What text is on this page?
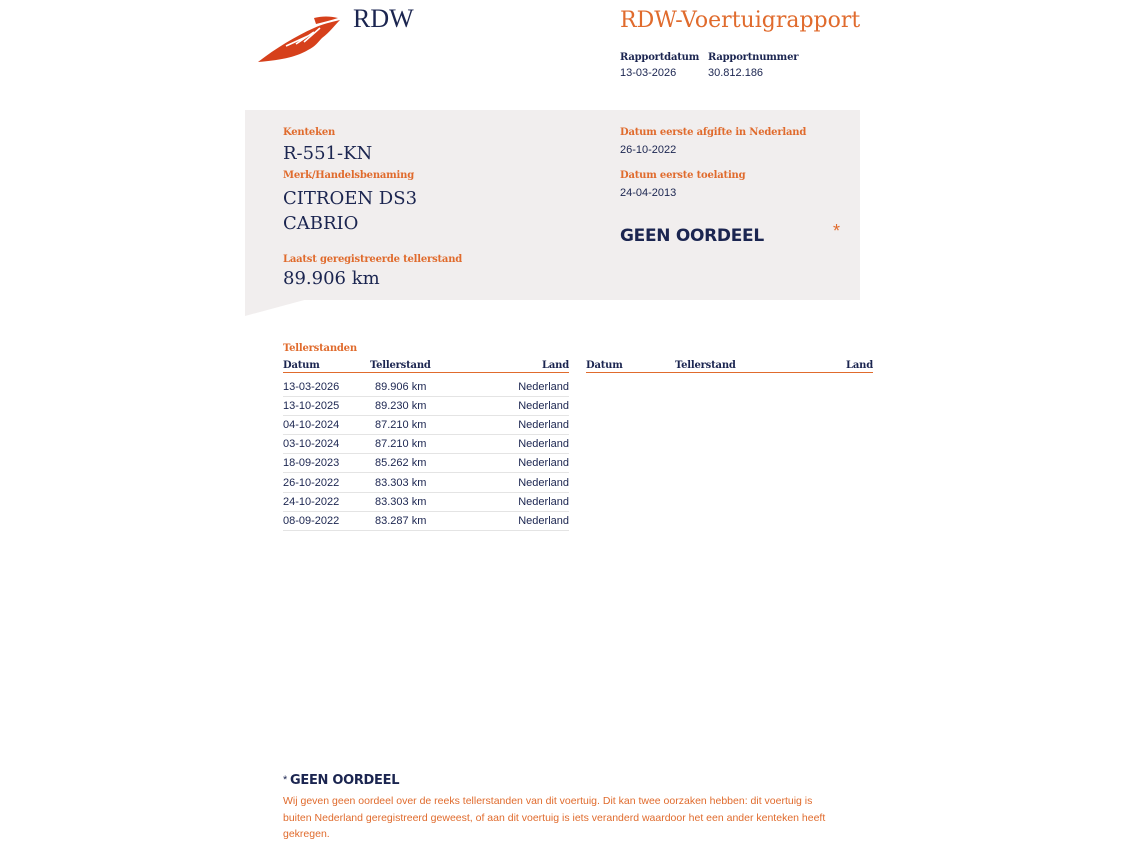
RDW	RDW-Voertuigrapport
Rapportdatum
13-03-2026
Rapportnummer
30.812.186
Kenteken
R-551-KN
Merk/Handelsbenaming
CITROEN DS3
CABRIO
Laatst geregistreerde tellerstand
89.906 km
Datum eerste afgifte in Nederland
26-10-2022
Datum eerste toelating
24-04-2013
GEEN OORDEEL	*
Tellerstanden
Datum	Tellerstand	Land Datum	Tellerstand	Land
13-03-2026	89.906 km	Nederland
13-10-2025	89.230 km	Nederland
04-10-2024	87.210 km	Nederland
03-10-2024	87.210 km	Nederland
18-09-2023	85.262 km	Nederland
26-10-2022	83.303 km	Nederland
24-10-2022	83.303 km	Nederland
08-09-2022	83.287 km	Nederland
* GEEN OORDEEL
Wij geven geen oordeel over de reeks tellerstanden van dit voertuig. Dit kan twee oorzaken hebben: dit voertuig is buiten Nederland geregistreerd geweest, of aan dit voertuig is iets veranderd waardoor het een ander kenteken heeft gekregen.
